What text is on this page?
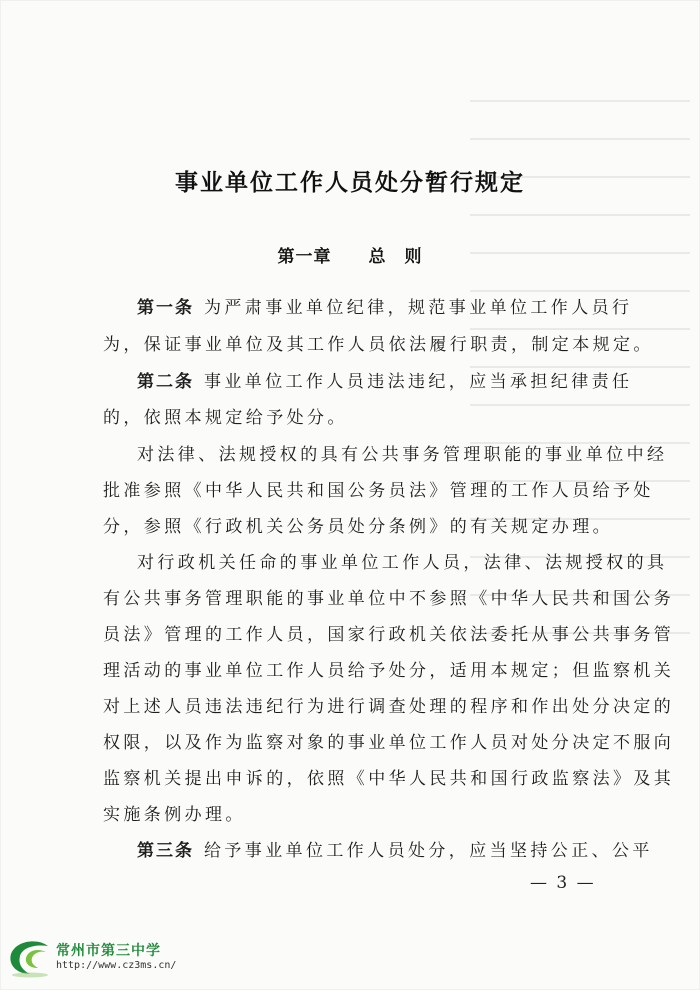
事业单位工作人员处分暂行规定
第一章 总　则
第一条 为严肃事业单位纪律，规范事业单位工作人员行
为，保证事业单位及其工作人员依法履行职责，制定本规定。
第二条 事业单位工作人员违法违纪，应当承担纪律责任
的，依照本规定给予处分。
对法律、法规授权的具有公共事务管理职能的事业单位中经
批准参照《中华人民共和国公务员法》管理的工作人员给予处
分，参照《行政机关公务员处分条例》的有关规定办理。
对行政机关任命的事业单位工作人员，法律、法规授权的具
有公共事务管理职能的事业单位中不参照《中华人民共和国公务
员法》管理的工作人员，国家行政机关依法委托从事公共事务管
理活动的事业单位工作人员给予处分，适用本规定；但监察机关
对上述人员违法违纪行为进行调查处理的程序和作出处分决定的
权限，以及作为监察对象的事业单位工作人员对处分决定不服向
监察机关提出申诉的，依照《中华人民共和国行政监察法》及其
实施条例办理。
第三条 给予事业单位工作人员处分，应当坚持公正、公平
— 3 —
常州市第三中学
http://www.cz3ms.cn/
